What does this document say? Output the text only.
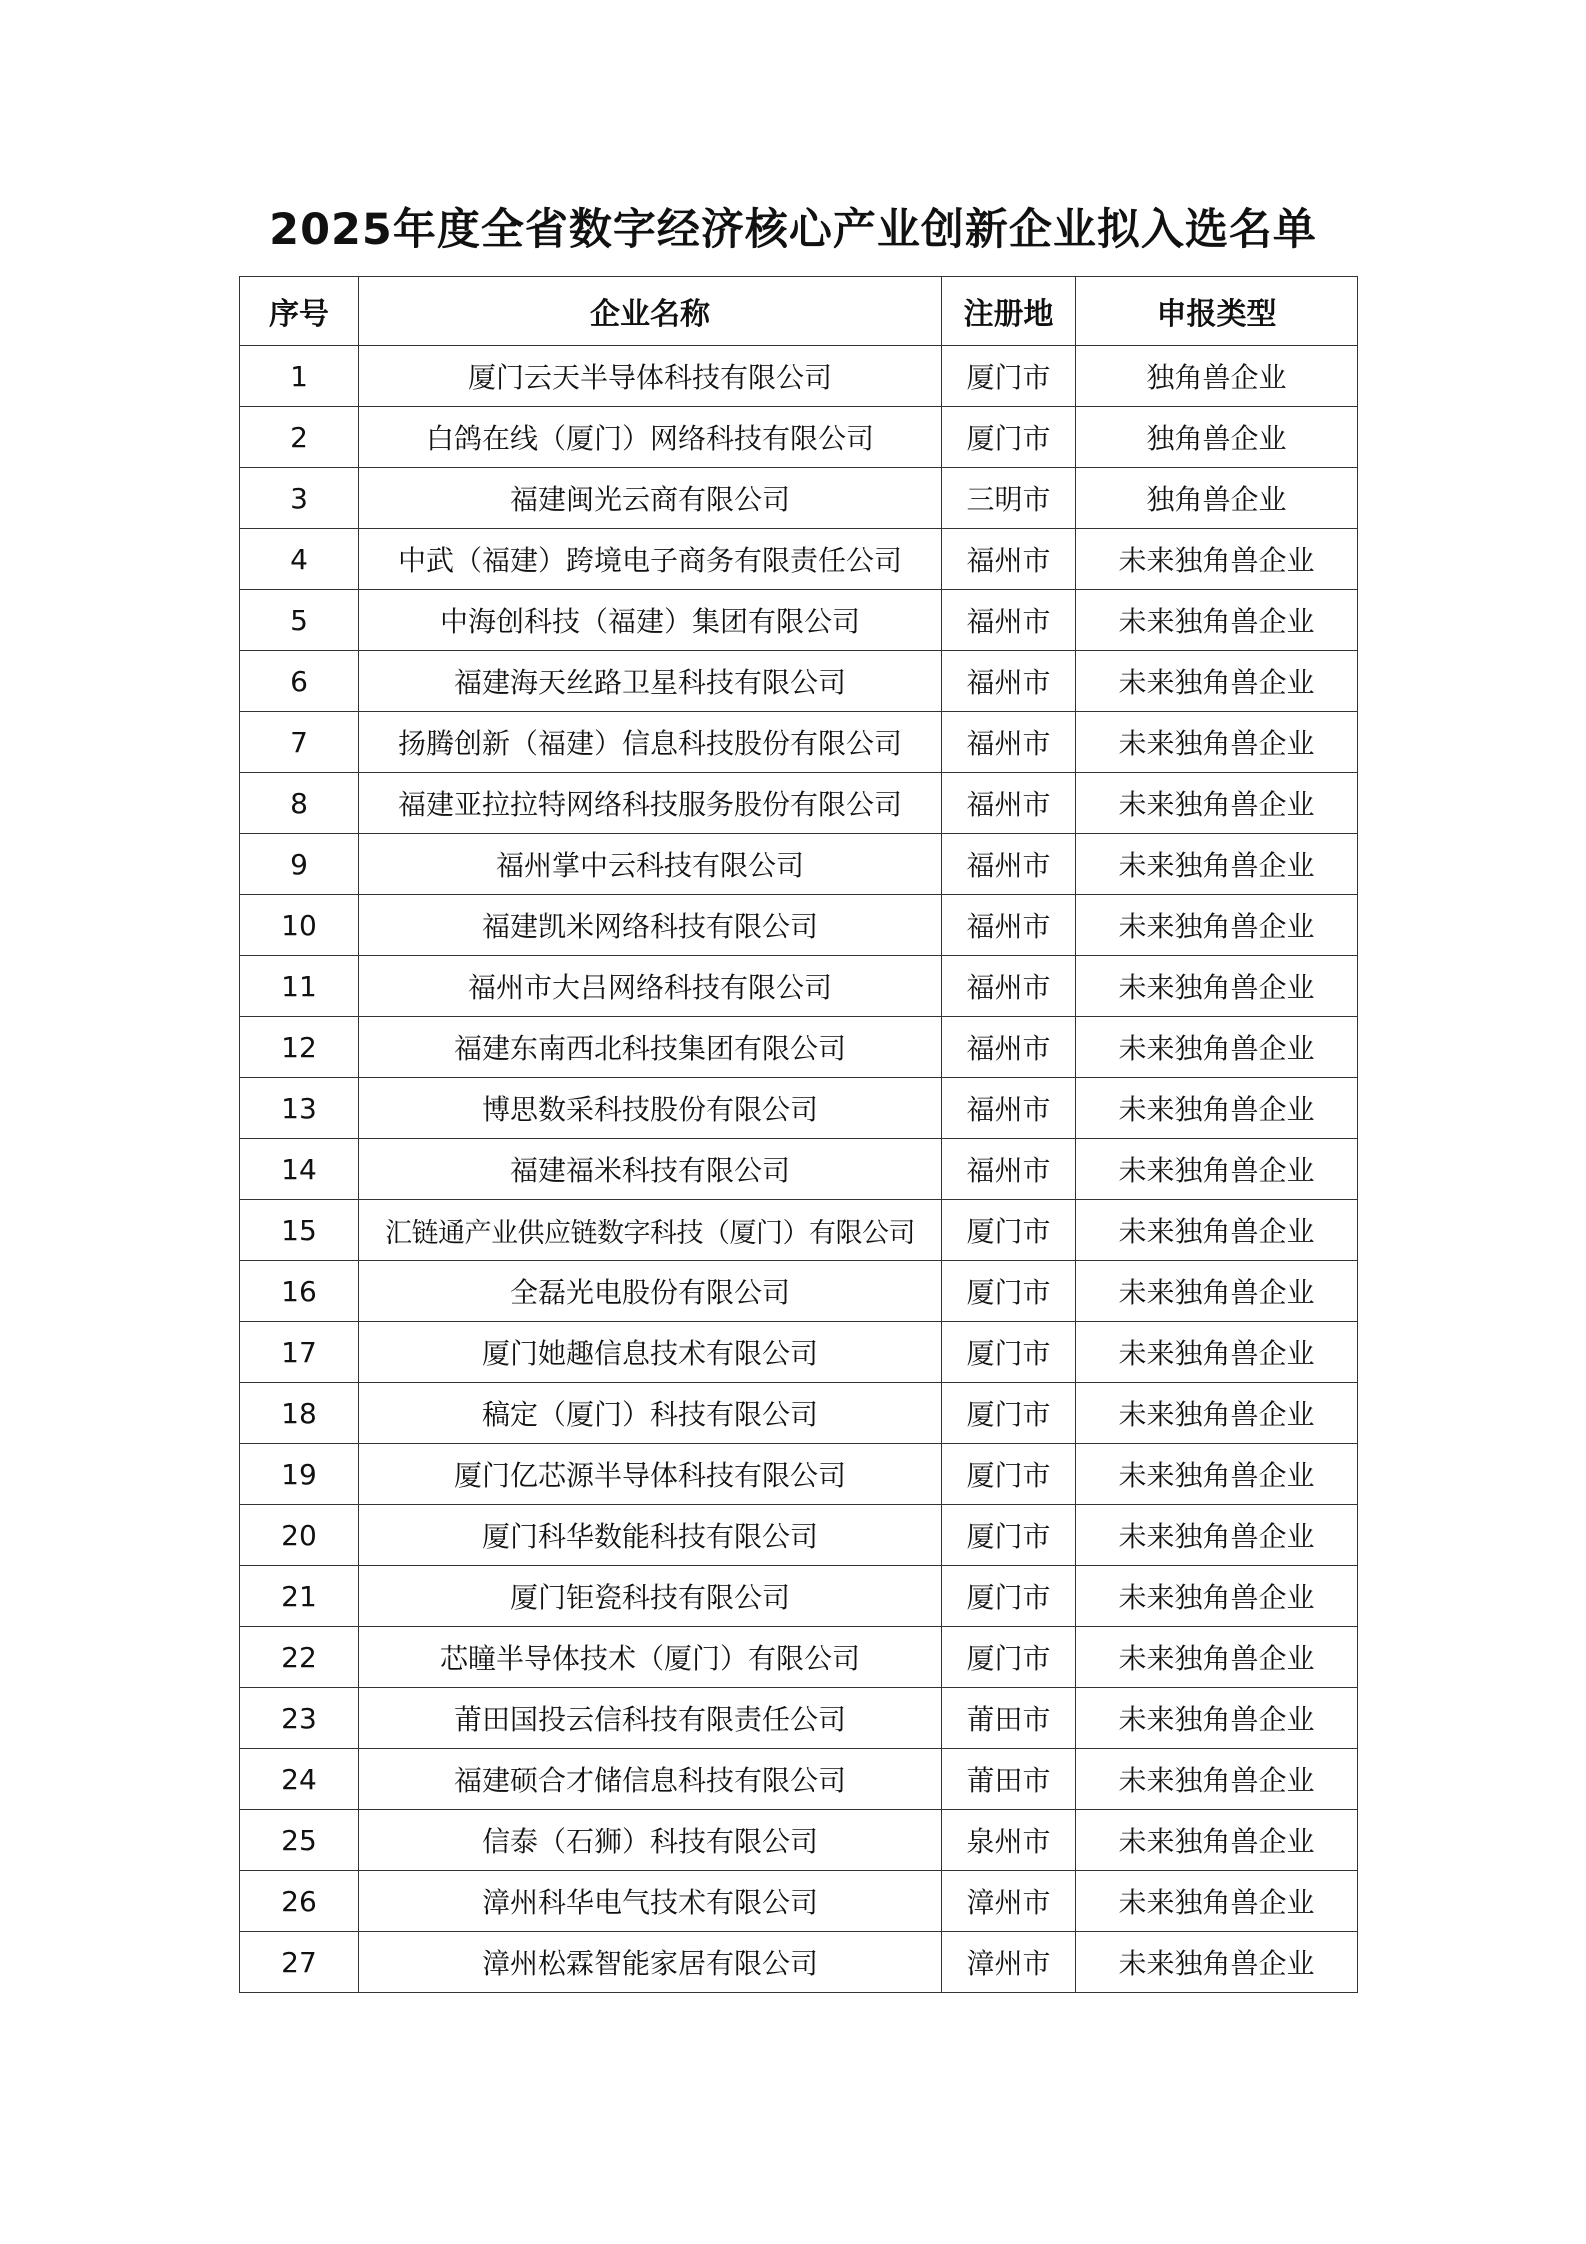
2025年度全省数字经济核心产业创新企业拟入选名单
序号	企业名称	注册地	申报类型
1	厦门云天半导体科技有限公司	厦门市	独角兽企业
2	白鸽在线（厦门）网络科技有限公司	厦门市	独角兽企业
3	福建闽光云商有限公司	三明市	独角兽企业
4	中武（福建）跨境电子商务有限责任公司	福州市	未来独角兽企业
5	中海创科技（福建）集团有限公司	福州市	未来独角兽企业
6	福建海天丝路卫星科技有限公司	福州市	未来独角兽企业
7	扬腾创新（福建）信息科技股份有限公司	福州市	未来独角兽企业
8	福建亚拉拉特网络科技服务股份有限公司	福州市	未来独角兽企业
9	福州掌中云科技有限公司	福州市	未来独角兽企业
10	福建凯米网络科技有限公司	福州市	未来独角兽企业
11	福州市大吕网络科技有限公司	福州市	未来独角兽企业
12	福建东南西北科技集团有限公司	福州市	未来独角兽企业
13	博思数采科技股份有限公司	福州市	未来独角兽企业
14	福建福米科技有限公司	福州市	未来独角兽企业
15	汇链通产业供应链数字科技（厦门）有限公司	厦门市	未来独角兽企业
16	全磊光电股份有限公司	厦门市	未来独角兽企业
17	厦门她趣信息技术有限公司	厦门市	未来独角兽企业
18	稿定（厦门）科技有限公司	厦门市	未来独角兽企业
19	厦门亿芯源半导体科技有限公司	厦门市	未来独角兽企业
20	厦门科华数能科技有限公司	厦门市	未来独角兽企业
21	厦门钜瓷科技有限公司	厦门市	未来独角兽企业
22	芯瞳半导体技术（厦门）有限公司	厦门市	未来独角兽企业
23	莆田国投云信科技有限责任公司	莆田市	未来独角兽企业
24	福建硕合才储信息科技有限公司	莆田市	未来独角兽企业
25	信泰（石狮）科技有限公司	泉州市	未来独角兽企业
26	漳州科华电气技术有限公司	漳州市	未来独角兽企业
27	漳州松霖智能家居有限公司	漳州市	未来独角兽企业
